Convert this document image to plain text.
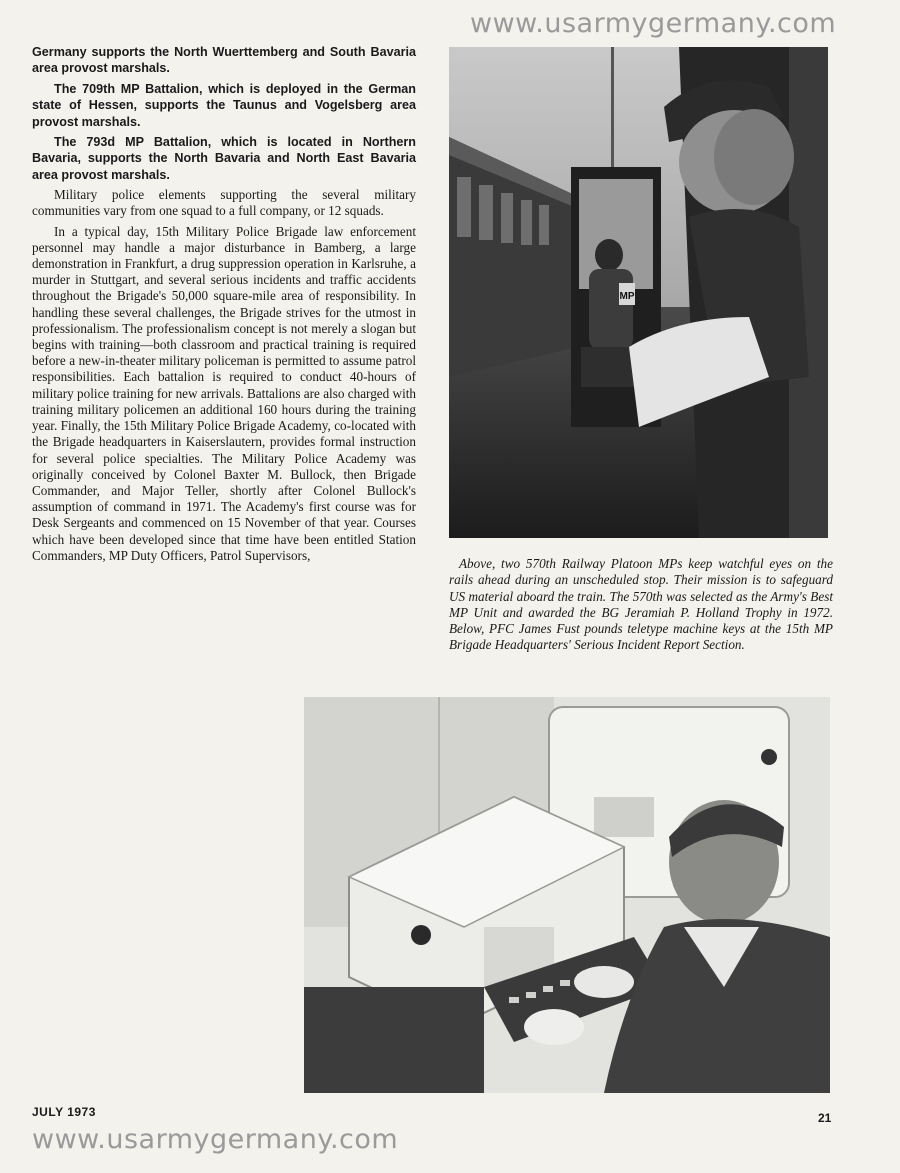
www.usarmygermany.com

Germany supports the North Wuerttemberg and South Bavaria area provost marshals.

The 709th MP Battalion, which is deployed in the German state of Hessen, supports the Taunus and Vogelsberg area provost marshals.

The 793d MP Battalion, which is located in Northern Bavaria, supports the North Bavaria and North East Bavaria area provost marshals.

Military police elements supporting the several military communities vary from one squad to a full company, or 12 squads.

In a typical day, 15th Military Police Brigade law enforcement personnel may handle a major disturbance in Bamberg, a large demonstration in Frankfurt, a drug suppression operation in Karlsruhe, a murder in Stuttgart, and several serious incidents and traffic accidents throughout the Brigade's 50,000 square-mile area of responsibility. In handling these several challenges, the Brigade strives for the utmost in professionalism. The professionalism concept is not merely a slogan but begins with training—both classroom and practical training is required before a new-in-theater military policeman is permitted to assume patrol responsibilities. Each battalion is required to conduct 40-hours of military police training for new arrivals. Battalions are also charged with training military policemen an additional 160 hours during the training year. Finally, the 15th Military Police Brigade Academy, co-located with the Brigade headquarters in Kaiserslautern, provides formal instruction for several police specialties. The Military Police Academy was originally conceived by Colonel Baxter M. Bullock, then Brigade Commander, and Major Teller, shortly after Colonel Bullock's assumption of command in 1971. The Academy's first course was for Desk Sergeants and commenced on 15 November of that year. Courses which have been developed since that time have been entitled Station Commanders, MP Duty Officers, Patrol Supervisors,

MP
Above, two 570th Railway Platoon MPs keep watchful eyes on the rails ahead during an unscheduled stop. Their mission is to safeguard US material aboard the train. The 570th was selected as the Army's Best MP Unit and awarded the BG Jeramiah P. Holland Trophy in 1972. Below, PFC James Fust pounds teletype machine keys at the 15th MP Brigade Headquarters' Serious Incident Report Section.
JULY 1973	21
www.usarmygermany.com
